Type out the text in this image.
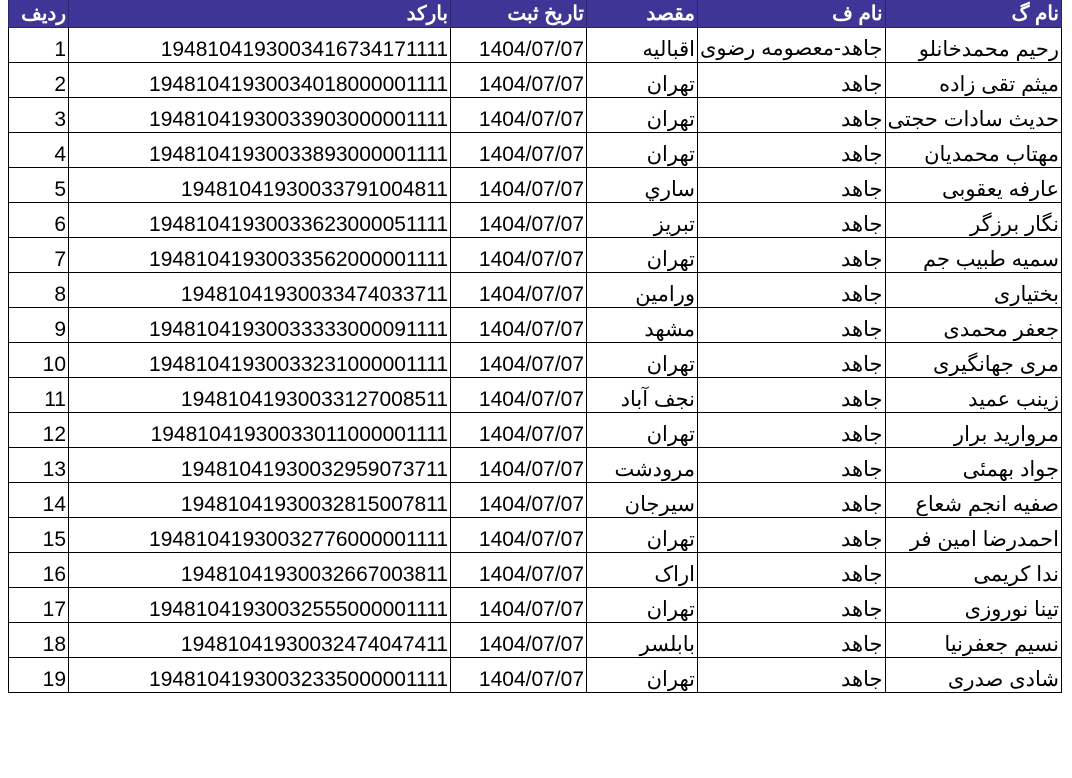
ردیف	بارکد	تاریخ ثبت	مقصد	نام ف	نام گ
1	1948104193003416734171111	1404/07/07	اقبالیه	جاهد-معصومه رضوی	رحیم محمدخانلو
2	19481041930034018000001111	1404/07/07	تهران	جاهد	میثم تقی زاده
3	19481041930033903000001111	1404/07/07	تهران	جاهد	حدیث سادات حجتی
4	19481041930033893000001111	1404/07/07	تهران	جاهد	مهتاب محمدیان
5	19481041930033791004811	1404/07/07	ساري	جاهد	عارفه یعقوبی
6	19481041930033623000051111	1404/07/07	تبریز	جاهد	نگار برزگر
7	19481041930033562000001111	1404/07/07	تهران	جاهد	سمیه طبیب جم
8	19481041930033474033711	1404/07/07	ورامین	جاهد	بختیاری
9	19481041930033333000091111	1404/07/07	مشهد	جاهد	جعفر محمدی
10	19481041930033231000001111	1404/07/07	تهران	جاهد	مری جهانگیری
11	19481041930033127008511	1404/07/07	نجف آباد	جاهد	زینب عمید
12	19481041930033011000001111	1404/07/07	تهران	جاهد	مروارید برار
13	19481041930032959073711	1404/07/07	مرودشت	جاهد	جواد بهمئی
14	19481041930032815007811	1404/07/07	سیرجان	جاهد	صفیه انجم شعاع
15	19481041930032776000001111	1404/07/07	تهران	جاهد	احمدرضا امین فر
16	19481041930032667003811	1404/07/07	اراک	جاهد	ندا کریمی
17	19481041930032555000001111	1404/07/07	تهران	جاهد	تینا نوروزی
18	19481041930032474047411	1404/07/07	بابلسر	جاهد	نسیم جعفرنیا
19	19481041930032335000001111	1404/07/07	تهران	جاهد	شادی صدری
